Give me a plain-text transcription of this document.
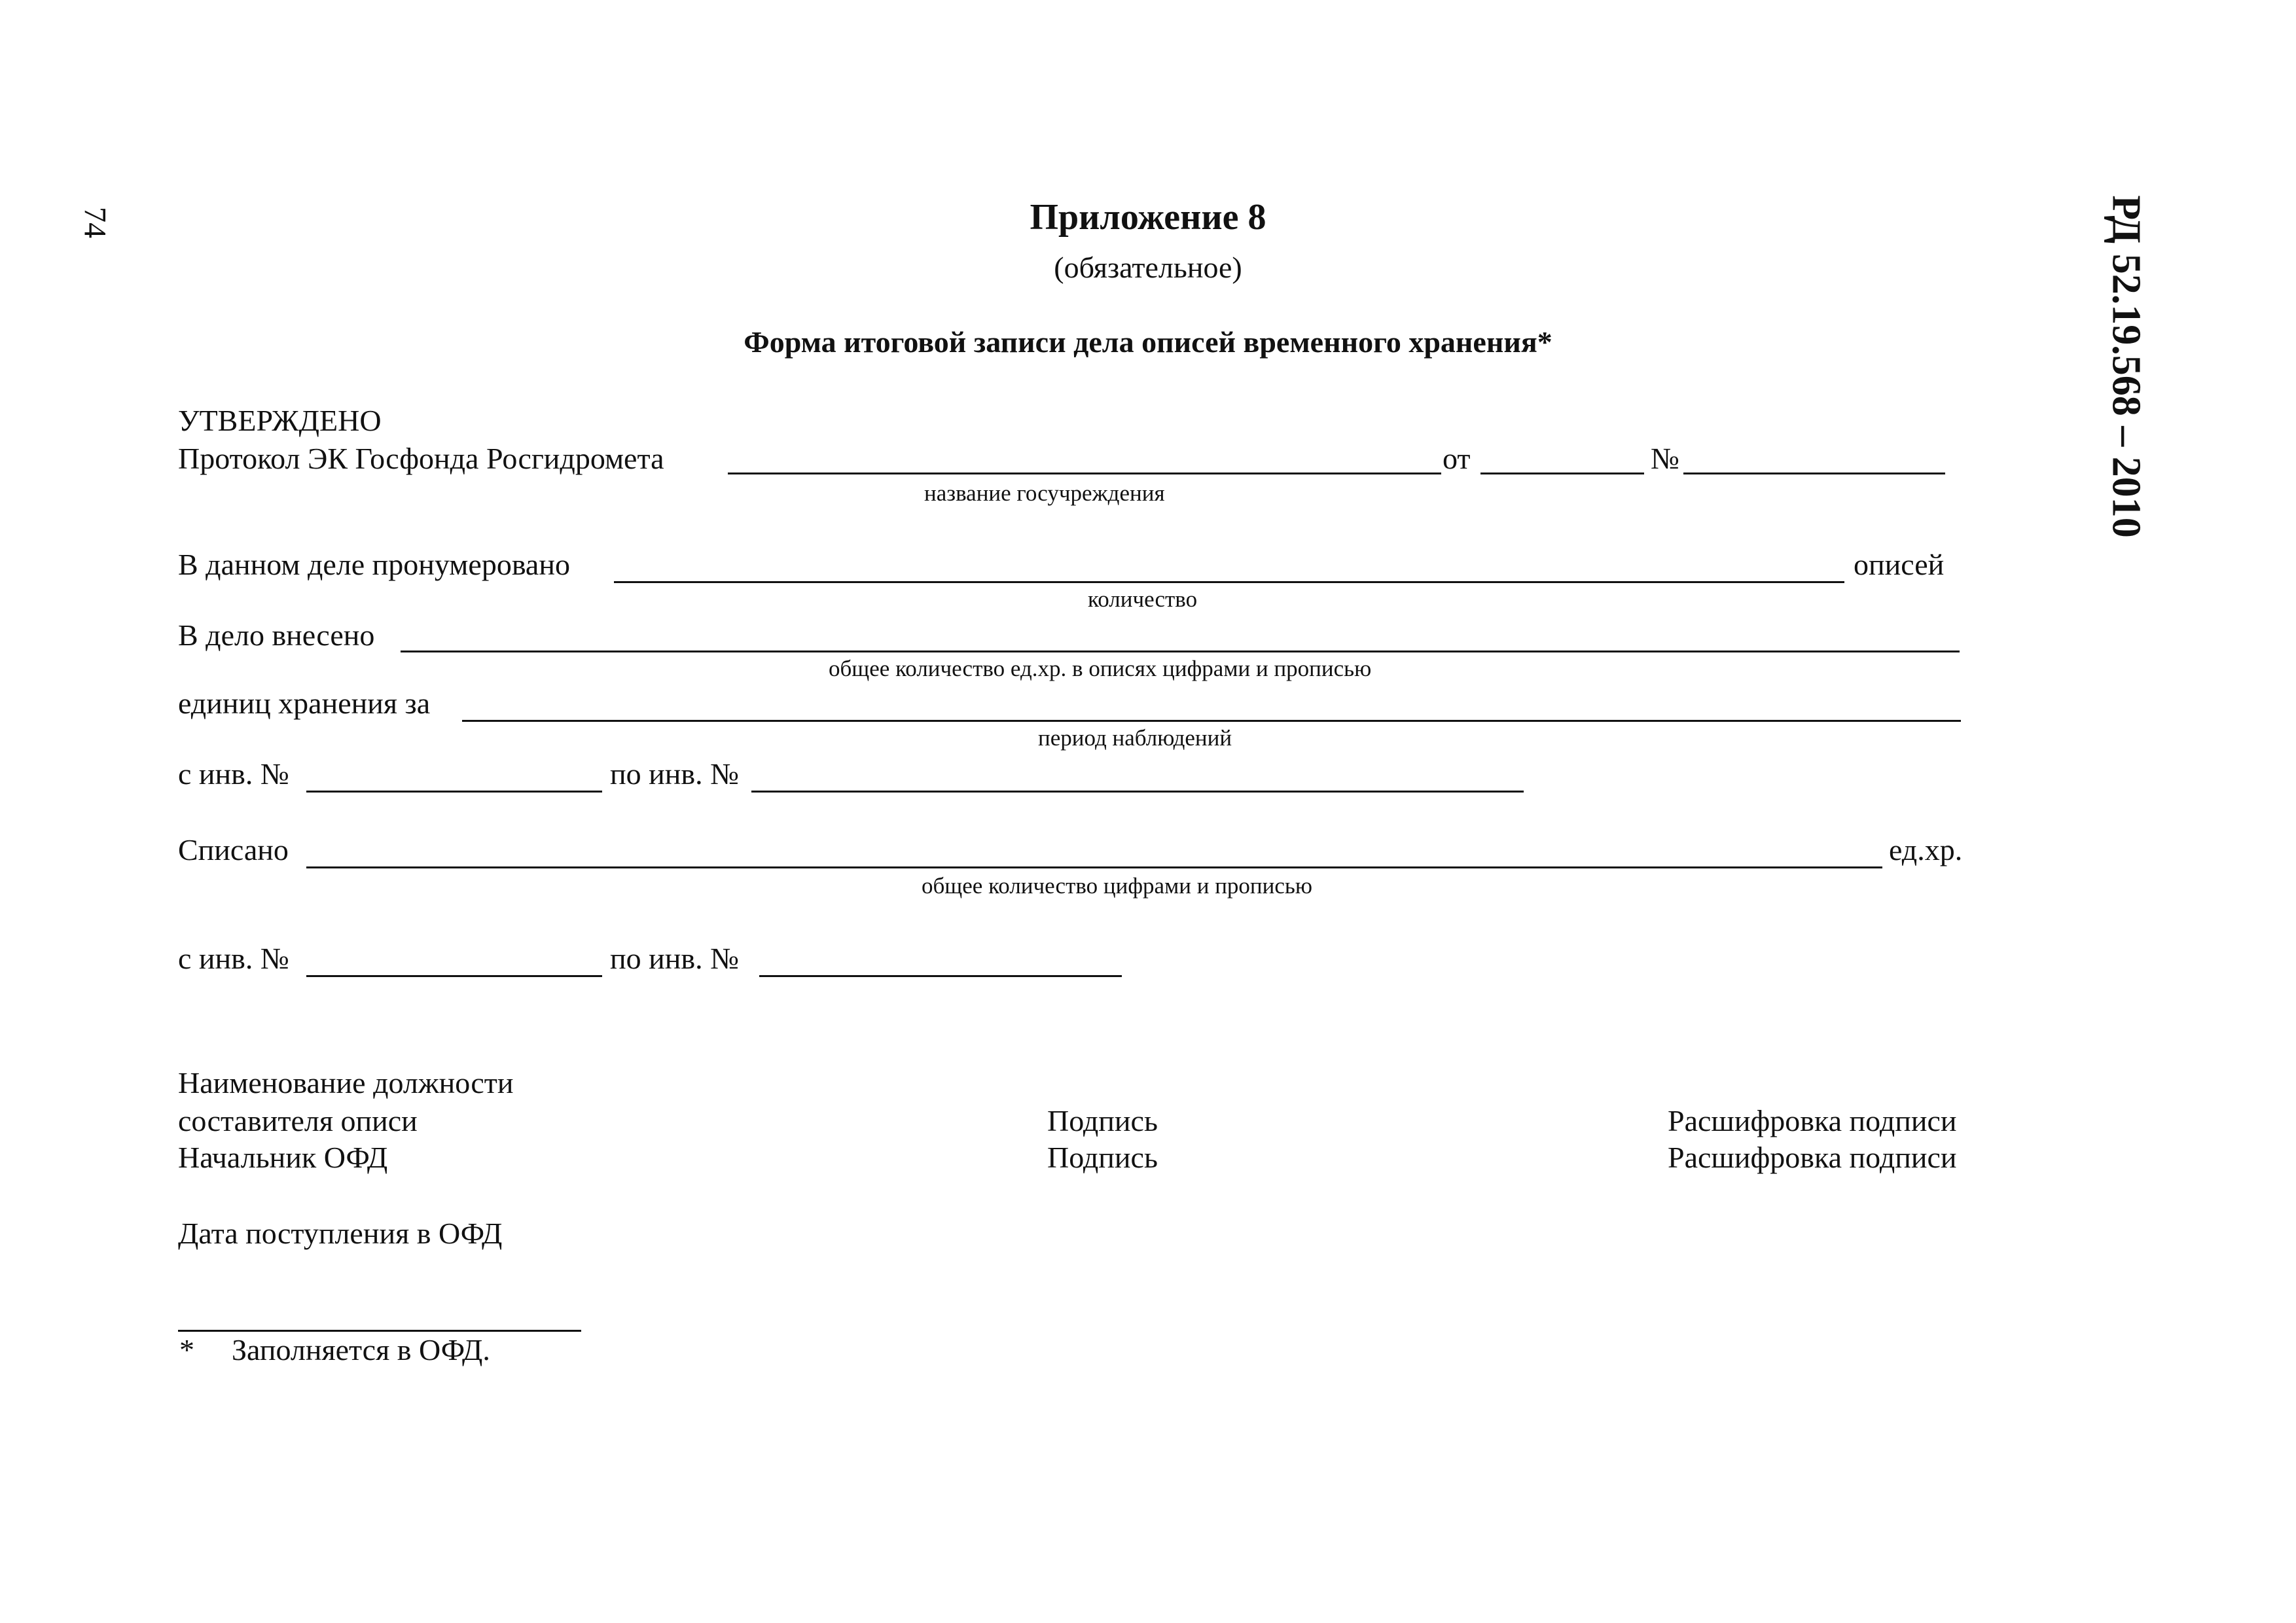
74	РД 52.19.568 – 2010
Приложение 8
(обязательное)
Форма итоговой записи дела описей временного хранения*
УТВЕРЖДЕНО
Протокол ЭК Госфонда Росгидромета	от	№
название госучреждения
В данном деле пронумеровано	описей
количество
В дело внесено
общее количество ед.хр. в описях цифрами и прописью
единиц хранения за
период наблюдений
с инв. №	по инв. №
Списано	ед.хр.
общее количество цифрами и прописью
с инв. №	по инв. №
Наименование должности
составителя описи	Подпись	Расшифровка подписи
Начальник ОФД	Подпись	Расшифровка подписи
Дата поступления в ОФД
* Заполняется в ОФД.
